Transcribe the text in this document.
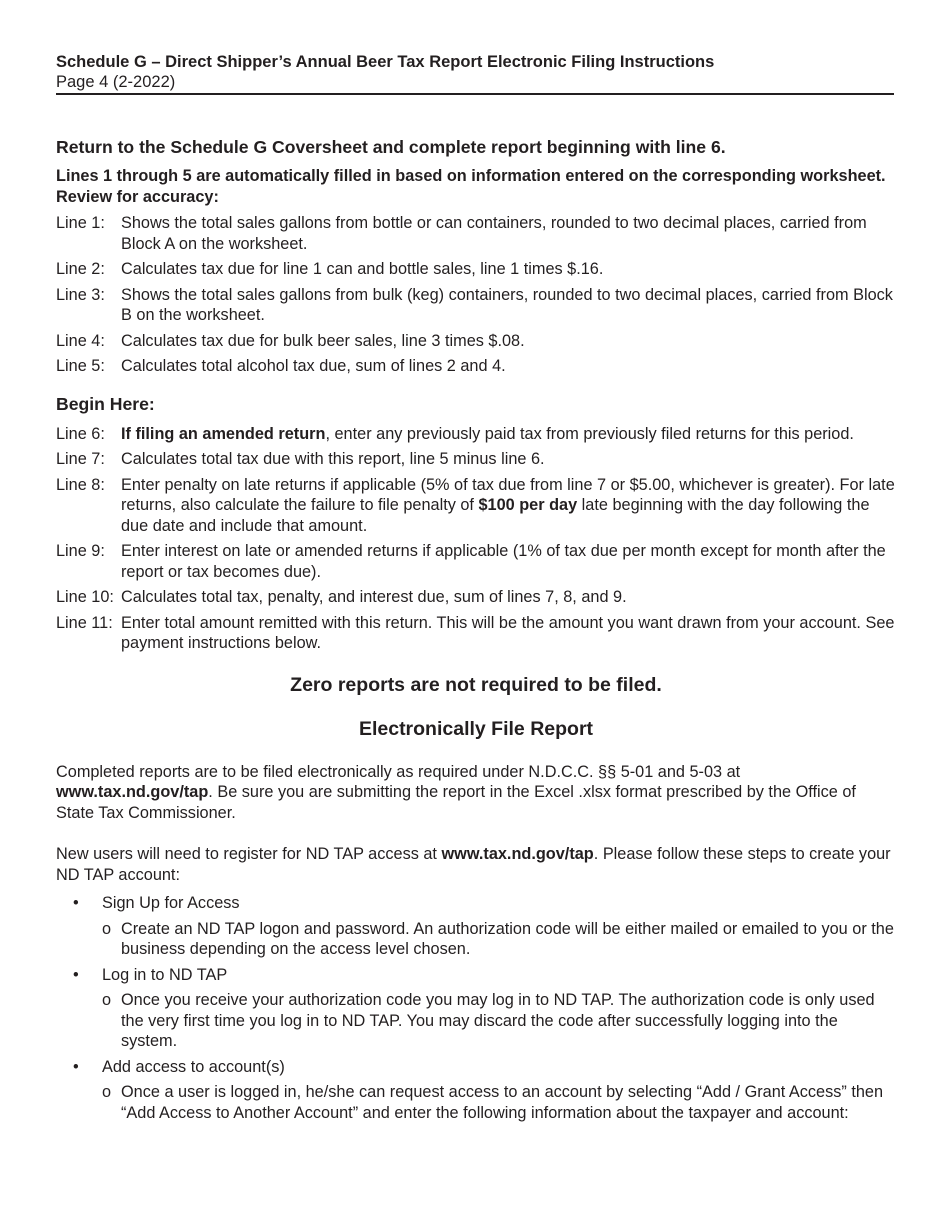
Schedule G – Direct Shipper’s Annual Beer Tax Report Electronic Filing Instructions
Page 4 (2-2022)
Return to the Schedule G Coversheet and complete report beginning with line 6.
Lines 1 through 5 are automatically filled in based on information entered on the corresponding worksheet. Review for accuracy:
Line 1: Shows the total sales gallons from bottle or can containers, rounded to two decimal places, carried from Block A on the worksheet.
Line 2: Calculates tax due for line 1 can and bottle sales, line 1 times $.16.
Line 3: Shows the total sales gallons from bulk (keg) containers, rounded to two decimal places, carried from Block B on the worksheet.
Line 4: Calculates tax due for bulk beer sales, line 3 times $.08.
Line 5: Calculates total alcohol tax due, sum of lines 2 and 4.
Begin Here:
Line 6: If filing an amended return, enter any previously paid tax from previously filed returns for this period.
Line 7: Calculates total tax due with this report, line 5 minus line 6.
Line 8: Enter penalty on late returns if applicable (5% of tax due from line 7 or $5.00, whichever is greater). For late returns, also calculate the failure to file penalty of $100 per day late beginning with the day following the due date and include that amount.
Line 9: Enter interest on late or amended returns if applicable (1% of tax due per month except for month after the report or tax becomes due).
Line 10: Calculates total tax, penalty, and interest due, sum of lines 7, 8, and 9.
Line 11: Enter total amount remitted with this return. This will be the amount you want drawn from your account. See payment instructions below.
Zero reports are not required to be filed.
Electronically File Report

Completed reports are to be filed electronically as required under N.D.C.C. §§ 5-01 and 5-03 at www.tax.nd.gov/tap. Be sure you are submitting the report in the Excel .xlsx format prescribed by the Office of State Tax Commissioner.

New users will need to register for ND TAP access at www.tax.nd.gov/tap. Please follow these steps to create your ND TAP account:

•	Sign Up for Access
o Create an ND TAP logon and password. An authorization code will be either mailed or emailed to you or the business depending on the access level chosen.
•	Log in to ND TAP
o Once you receive your authorization code you may log in to ND TAP. The authorization code is only used the very first time you log in to ND TAP. You may discard the code after successfully logging into the system.
•	Add access to account(s)
o Once a user is logged in, he/she can request access to an account by selecting “Add / Grant Access” then “Add Access to Another Account” and enter the following information about the taxpayer and account:
